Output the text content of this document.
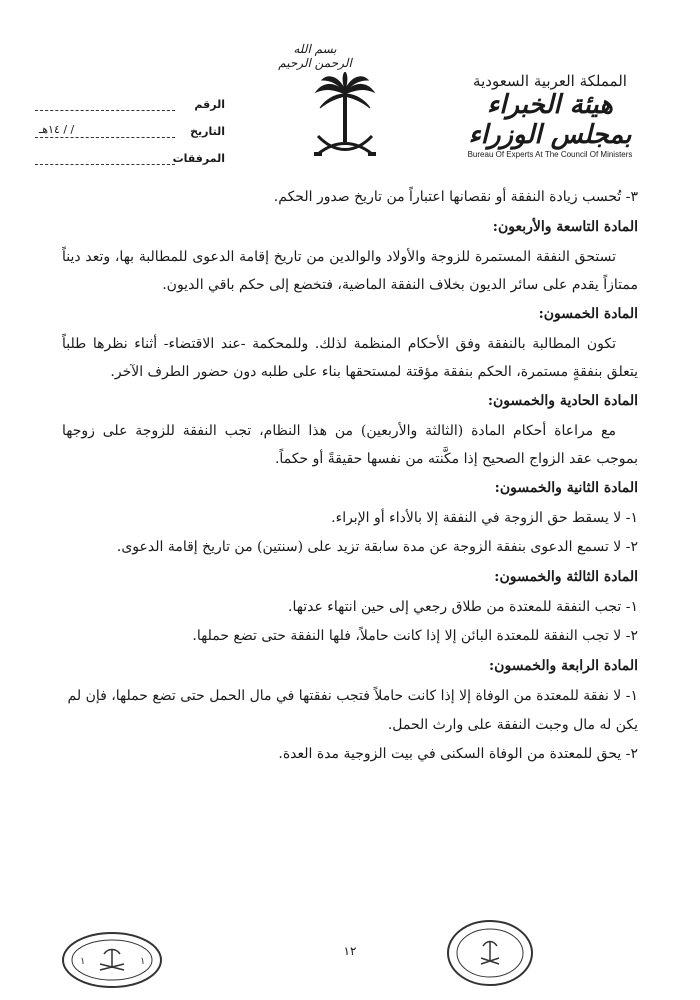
المملكة العربية السعودية
هيئة الخبراء بمجلس الوزراء
Bureau Of Experts At The Council Of Ministers
بسم الله الرحمن الرحيم
الرقم
التاريخ
/ / ١٤هـ
المرفقات
٣- تُحسب زيادة النفقة أو نقصانها اعتباراً من تاريخ صدور الحكم.
المادة التاسعة والأربعون:
تستحق النفقة المستمرة للزوجة والأولاد والوالدين من تاريخ إقامة الدعوى للمطالبة بها، وتعد ديناً ممتازاً يقدم على سائر الديون بخلاف النفقة الماضية، فتخضع إلى حكم باقي الديون.
المادة الخمسون:
تكون المطالبة بالنفقة وفق الأحكام المنظمة لذلك. وللمحكمة -عند الاقتضاء- أثناء نظرها طلباً يتعلق بنفقةٍ مستمرة، الحكم بنفقة مؤقتة لمستحقها بناء على طلبه دون حضور الطرف الآخر.
المادة الحادية والخمسون:
مع مراعاة أحكام المادة (الثالثة والأربعين) من هذا النظام، تجب النفقة للزوجة على زوجها بموجب عقد الزواج الصحيح إذا مكَّنته من نفسها حقيقةً أو حكماً.
المادة الثانية والخمسون:
١- لا يسقط حق الزوجة في النفقة إلا بالأداء أو الإبراء.
٢- لا تسمع الدعوى بنفقة الزوجة عن مدة سابقة تزيد على (سنتين) من تاريخ إقامة الدعوى.
المادة الثالثة والخمسون:
١- تجب النفقة للمعتدة من طلاق رجعي إلى حين انتهاء عدتها.
٢- لا تجب النفقة للمعتدة البائن إلا إذا كانت حاملاً، فلها النفقة حتى تضع حملها.
المادة الرابعة والخمسون:
١- لا نفقة للمعتدة من الوفاة إلا إذا كانت حاملاً فتجب نفقتها في مال الحمل حتى تضع حملها، فإن لم يكن له مال وجبت النفقة على وارث الحمل.
٢- يحق للمعتدة من الوفاة السكنى في بيت الزوجية مدة العدة.
١	١
١٢
